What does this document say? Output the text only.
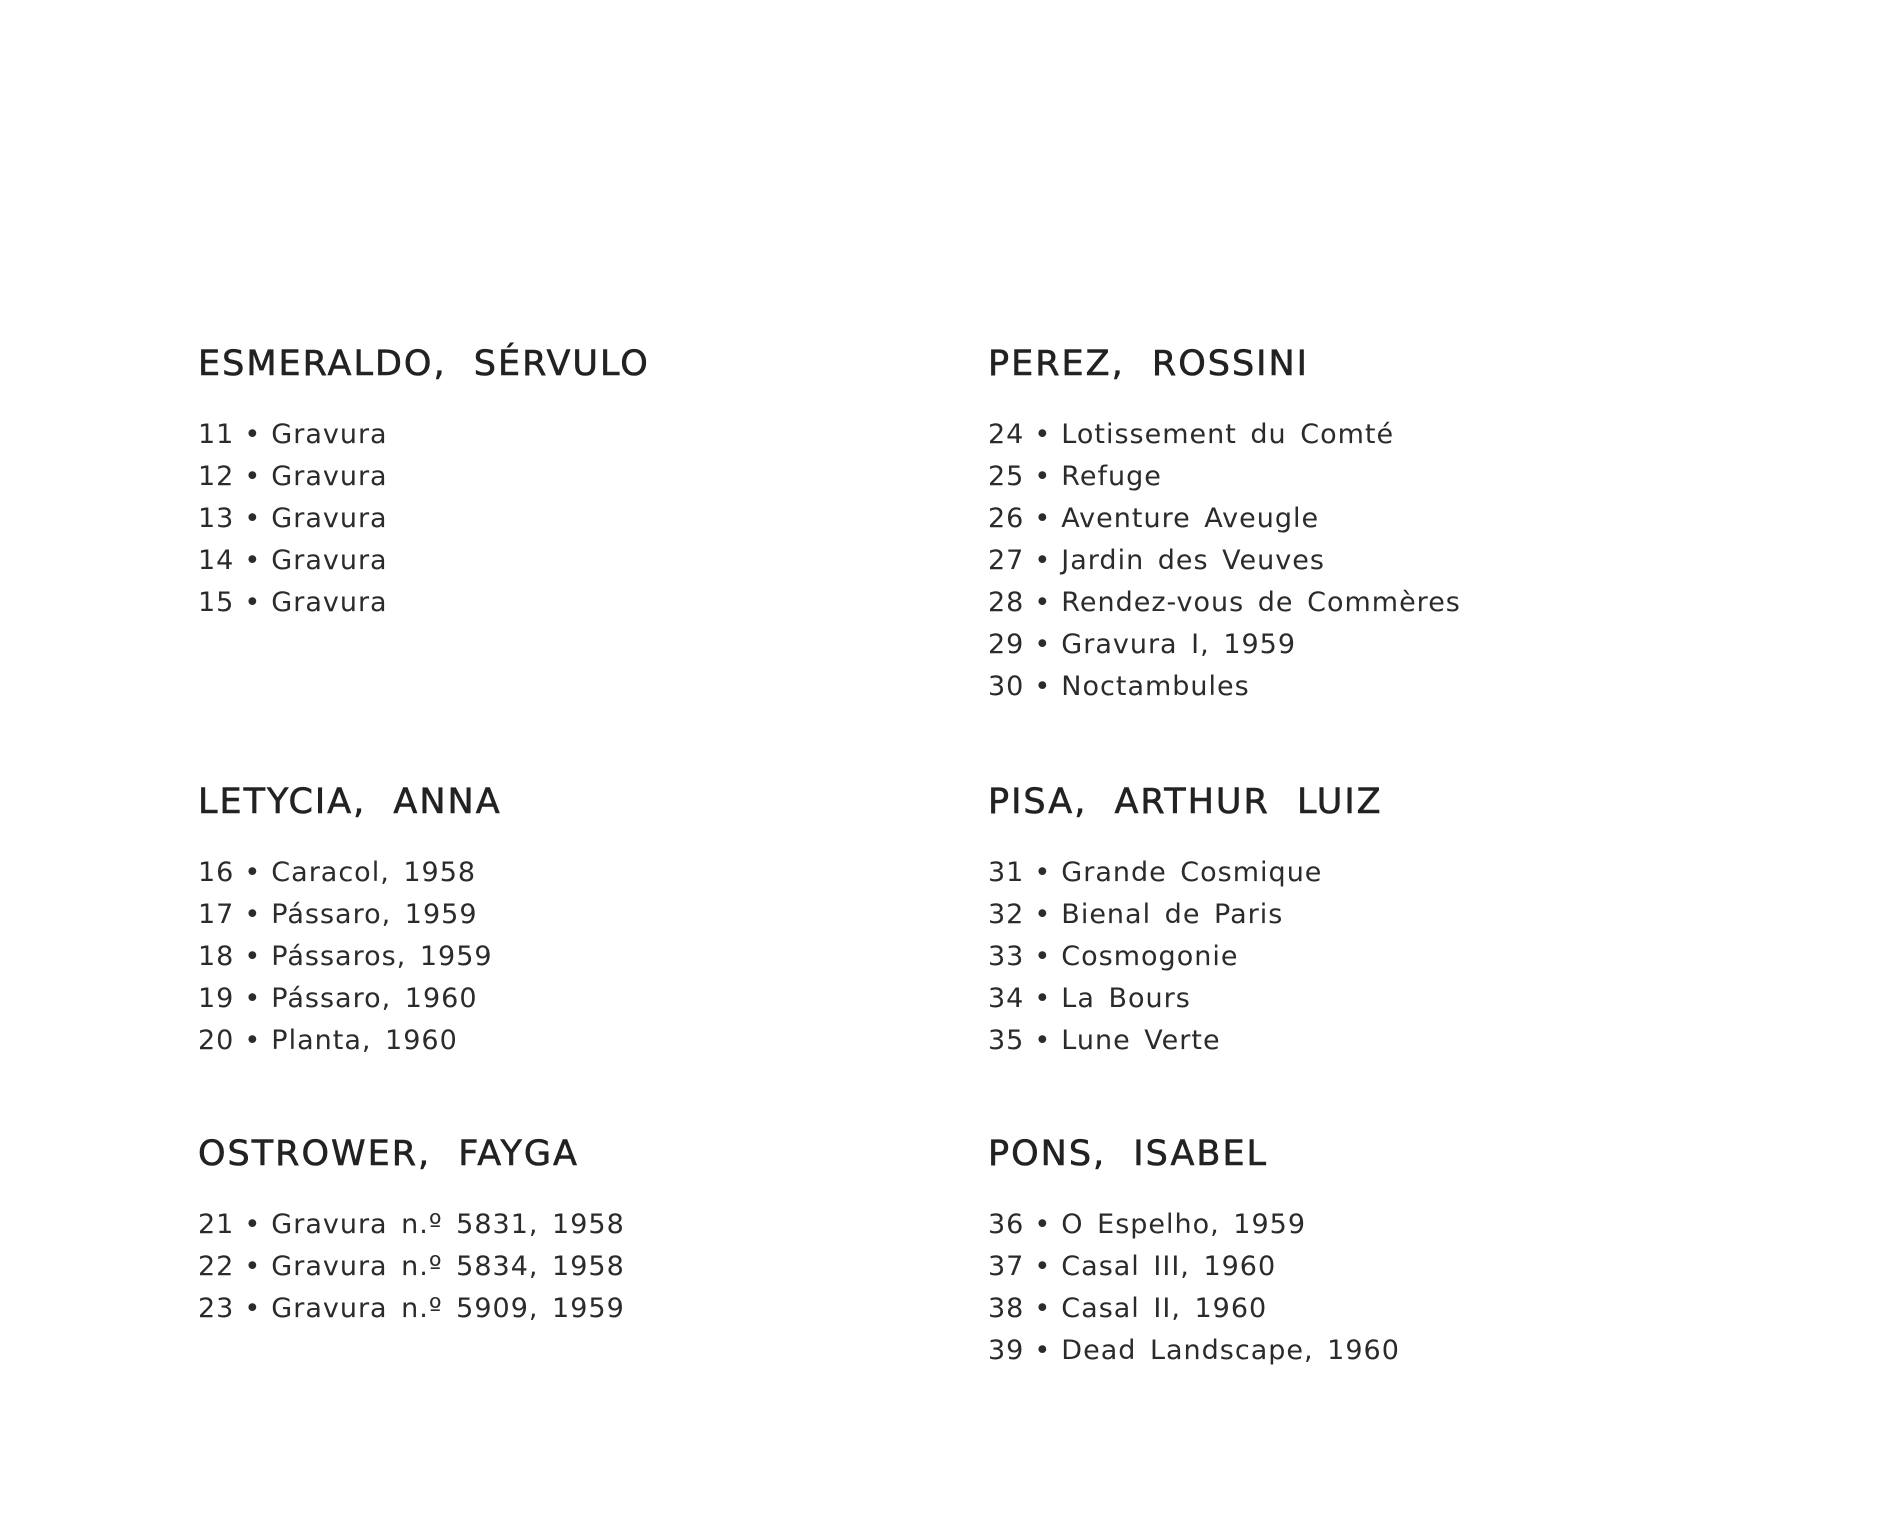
ESMERALDO, SÉRVULO
11 • Gravura
12 • Gravura
13 • Gravura
14 • Gravura
15 • Gravura
LETYCIA, ANNA
16 • Caracol, 1958
17 • Pássaro, 1959
18 • Pássaros, 1959
19 • Pássaro, 1960
20 • Planta, 1960
OSTROWER, FAYGA
21 • Gravura n.º 5831, 1958
22 • Gravura n.º 5834, 1958
23 • Gravura n.º 5909, 1959
PEREZ, ROSSINI
24 • Lotissement du Comté
25 • Refuge
26 • Aventure Aveugle
27 • Jardin des Veuves
28 • Rendez-vous de Commères
29 • Gravura I, 1959
30 • Noctambules
PISA, ARTHUR LUIZ
31 • Grande Cosmique
32 • Bienal de Paris
33 • Cosmogonie
34 • La Bours
35 • Lune Verte
PONS, ISABEL
36 • O Espelho, 1959
37 • Casal III, 1960
38 • Casal II, 1960
39 • Dead Landscape, 1960
